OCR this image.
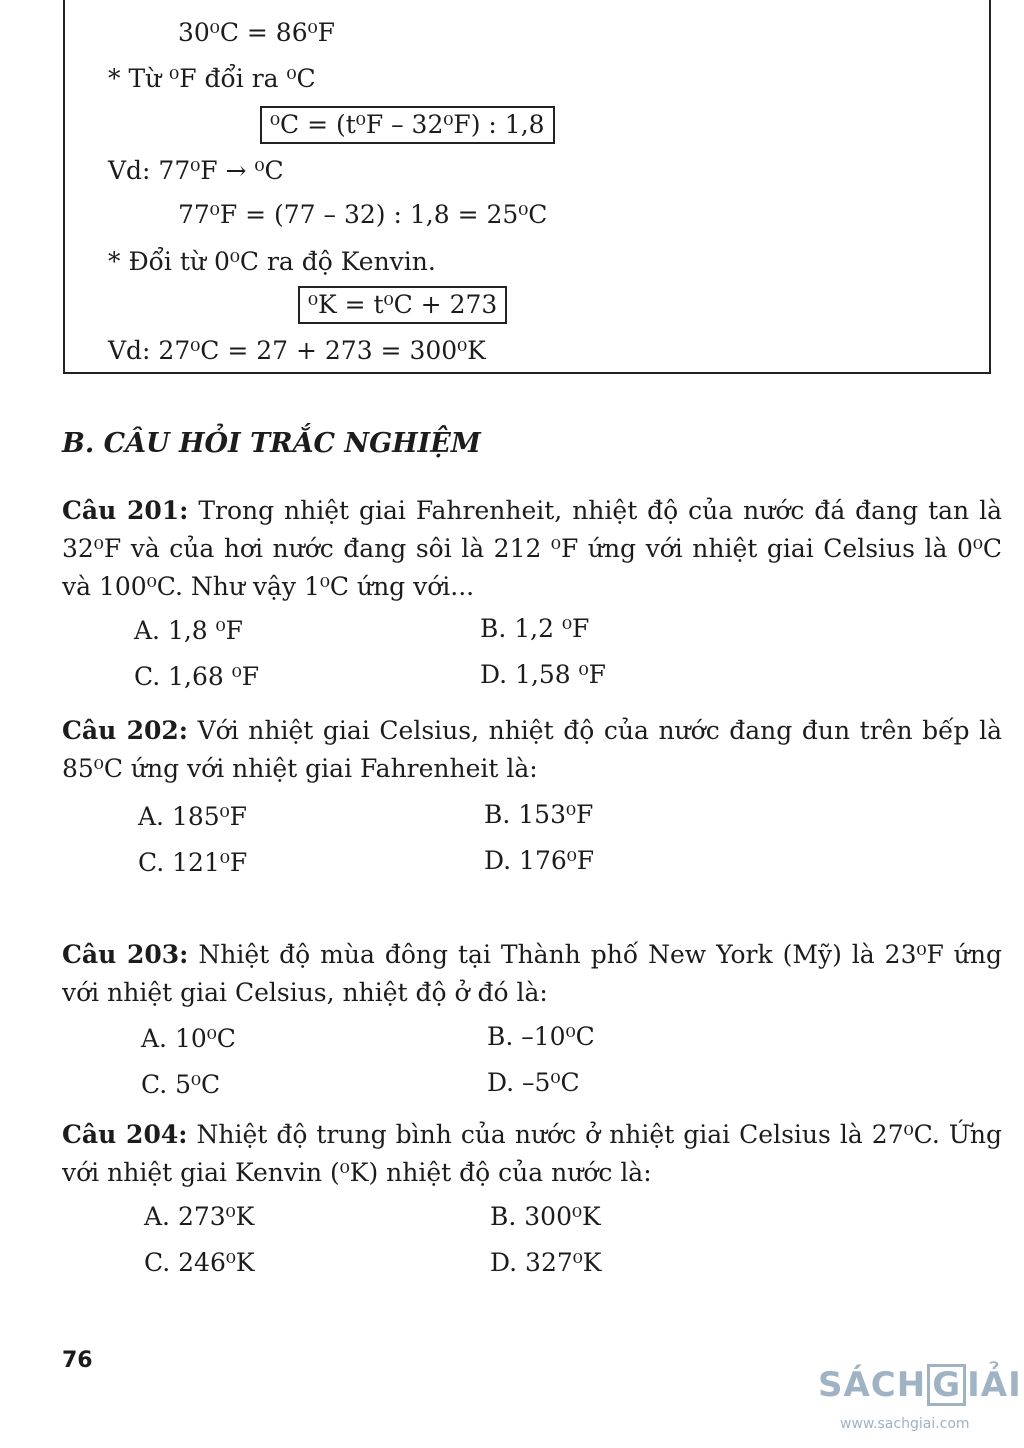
30⁰C = 86⁰F
* Từ ⁰F đổi ra ⁰C
⁰C = (t⁰F – 32⁰F) : 1,8
Vd: 77⁰F → ⁰C
77⁰F = (77 – 32) : 1,8 = 25⁰C
* Đổi từ 0⁰C ra độ Kenvin.
⁰K = t⁰C + 273
Vd: 27⁰C = 27 + 273 = 300⁰K
B. CÂU HỎI TRẮC NGHIỆM
Câu 201: Trong nhiệt giai Fahrenheit, nhiệt độ của nước đá đang tan là 32⁰F và của hơi nước đang sôi là 212 ⁰F ứng với nhiệt giai Celsius là 0⁰C và 100⁰C. Như vậy 1⁰C ứng với...
A. 1,8 ⁰F	B. 1,2 ⁰F
C. 1,68 ⁰F	D. 1,58 ⁰F
Câu 202: Với nhiệt giai Celsius, nhiệt độ của nước đang đun trên bếp là 85⁰C ứng với nhiệt giai Fahrenheit là:
A. 185⁰F	B. 153⁰F
C. 121⁰F	D. 176⁰F
Câu 203: Nhiệt độ mùa đông tại Thành phố New York (Mỹ) là 23⁰F ứng với nhiệt giai Celsius, nhiệt độ ở đó là:
A. 10⁰C	B. –10⁰C
C. 5⁰C	D. –5⁰C
Câu 204: Nhiệt độ trung bình của nước ở nhiệt giai Celsius là 27⁰C. Ứng với nhiệt giai Kenvin (⁰K) nhiệt độ của nước là:
A. 273⁰K	B. 300⁰K
C. 246⁰K	D. 327⁰K
76
SÁCH G IẢI
www.sachgiai.com
